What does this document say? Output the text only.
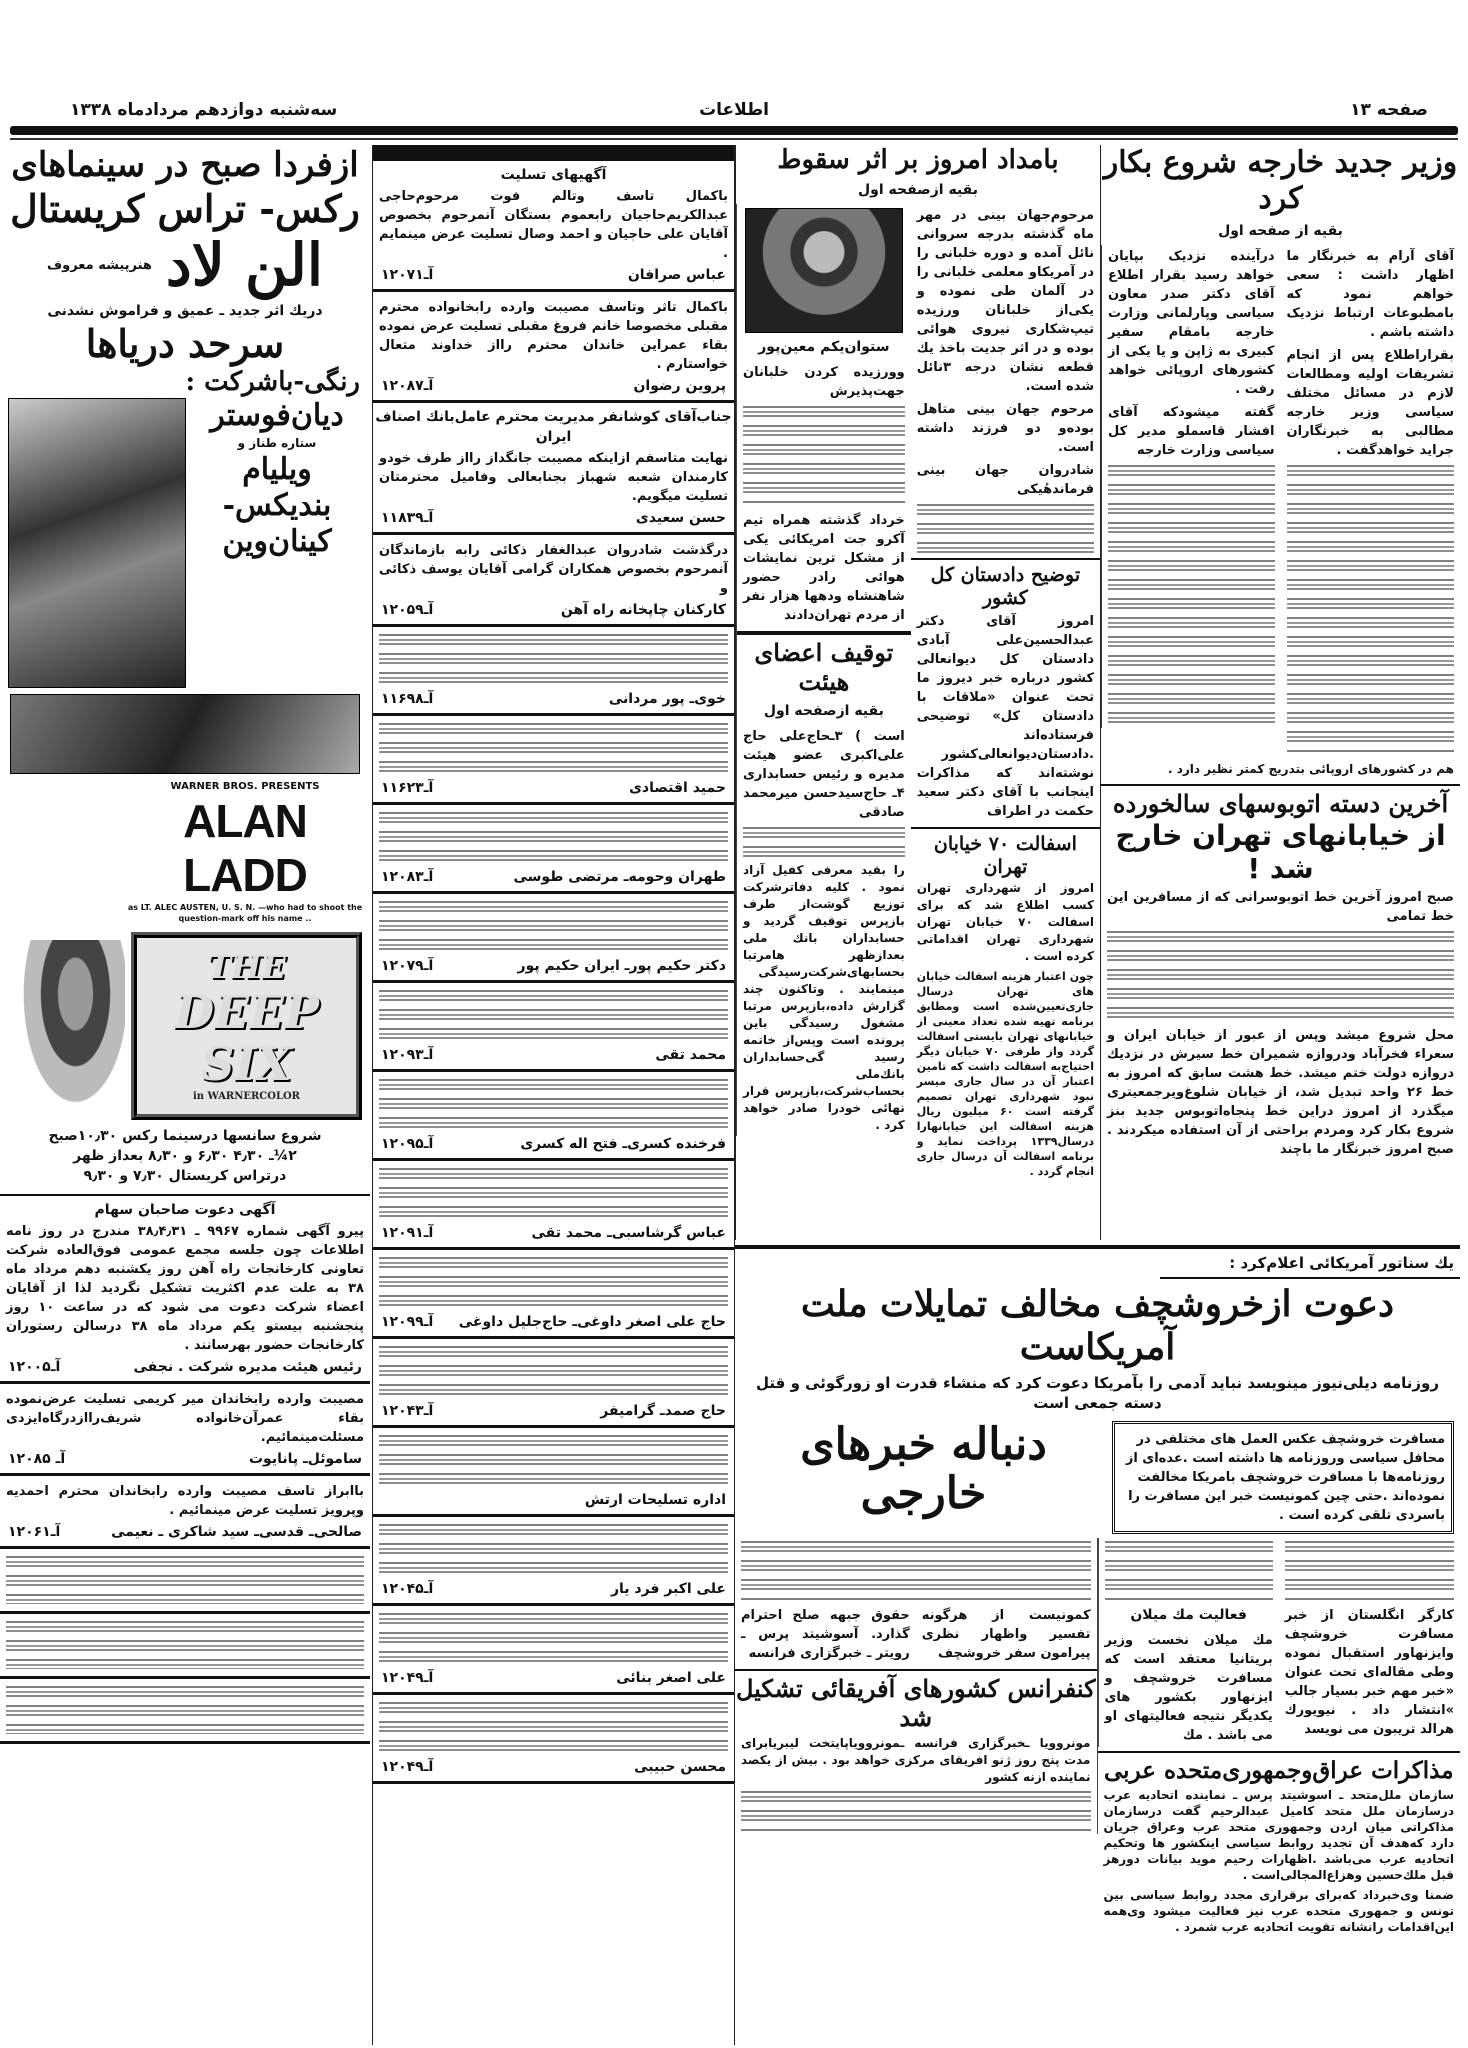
صفحه ۱۳
اطلاعات
سه‌شنبه دوازدهم مردادماه ۱۳۳۸
وزیر جدید خارجه شروع بکار کرد
بقیه از صفحه اول
آقای آرام به خبرنگار ما اظهار داشت : سعی خواهم نمود که بامطبوعات ارتباط نزدیک داشته باشم .
بقراراطلاع پس از انجام تشریفات اولیه ومطالعات لازم در مسائل مختلف سیاسی وزیر خارجه مطالبی به خبرنگاران جراید خواهدگفت .
درآینده نزدیک بپایان خواهد رسید بقرار اطلاع آقای دکتر صدر معاون سیاسی وپارلمانی وزارت خارجه بامقام سفیر کبیری به ژاپن و یا یکی از کشورهای اروپائی خواهد رفت .
گفته میشودکه آقای افشار قاسملو مدیر کل سیاسی وزارت خارجه
هم در کشورهای اروپائی بتدریج کمتر نظیر دارد .
آخرین دسته اتوبوسهای سالخورده
از خیابانهای تهران خارج شد !
صبح امروز آخرین خط اتوبوسرانی که از مسافرین این خط تمامی
محل شروع میشد وپس از عبور از خیابان ایران و سعراء فخرآباد ودروازه شمیران خط سیرش در نزدیك دروازه دولت ختم میشد. خط هشت سابق که امروز به خط ۲۶ واحد تبدیل شد، از خیابان شلوغ‌ویرجمعیتری میگذرد از امروز دراین خط پنجاه‌اتوبوس جدید بنز شروع بکار کرد ومردم براحتی از آن استفاده میکردند . صبح امروز خبرنگار ما باچند
بامداد امروز بر اثر سقوط
بقیه ازصفحه اول
مرحوم‌جهان بینی در مهر ماه گذشته بدرجه سروانی نائل آمده و دوره خلبانی را در آمریکاو معلمی خلبانی را در آلمان طی نموده و یکی‌از خلبانان ورزیده تیپ‌شکاری نیروی هوائی بوده و در اثر جدیت باخذ یك قطعه نشان درجه ۳نائل شده است.
مرحوم جهان بینی متاهل بوده‌و دو فرزند داشته است.
شادروان جهان بینی فرماندهٔیکی
توضیح دادستان کل کشور
امروز آقای دکتر عبدالحسین‌علی آبادی دادستان کل دیوانعالی کشور درباره خبر دیروز ما تحت عنوان «ملاقات با دادستان کل» توضیحی فرستاده‌اند .دادستان‌دیوانعالی‌کشور نوشته‌اند که مذاکرات اینجانب با آقای دکتر سعید حکمت در اطراف
اسفالت ۷۰ خیابان تهران
امروز از شهرداری تهران کسب اطلاع شد که برای اسفالت ۷۰ خیابان تهران شهرداری تهران اقداماتی کرده است .
چون اعتبار هزینه اسفالت خیابان های تهران درسال جاری‌تعیین‌شده است ومطابق برنامه تهیه شده تعداد معینی از خیابانهای تهران بایستی اسفالت گردد واز طرفی ۷۰ خیابان دیگر احتیاج‌به اسفالت داشت که تامین اعتبار آن در سال جاری میسر نبود شهرداری تهران تصمیم گرفته است ۶۰ میلیون ریال هزینه اسفالت این خیابانهارا درسال۱۳۳۹ پرداخت نماید و برنامه اسفالت آن درسال جاری انجام گردد .
ستوان‌یکم معین‌پور
وورزیده کردن خلبانان جهت‌پذیرش
خرداد گذشته همراه تیم آکرو جت امریکائی یکی از مشکل ترین نمایشات هوائی رادر حضور شاهنشاه ودهها هزار نفر از مردم تهران‌دادند
توقیف اعضای هیئت
بقیه ازصفحه اول
است ) ۳ـحاج‌علی حاج علی‌اکبری عضو هیئت مدیره و رئیس حسابداری ۴ـ حاج‌سیدحسن میرمحمد صادقی
را بقید معرفی کفیل آزاد نمود . کلیه دفاترشرکت توزیع گوشت‌از طرف بازپرس توقیف گردید و حسابداران بانك ملی بعدازظهر هامرتبا بحسابهای‌شرکت‌رسیدگی مینمایند . وتاکنون چند گزارش داده،بازپرس مرتبا مشغول رسیدگی باین پرونده است وپس‌از خاتمه رسید گی‌حسابداران بانك‌ملی بحساب‌شرکت،بازپرس قرار نهائی خودرا صادر خواهد کرد .
یك سناتور آمریکائی اعلام‌کرد :
دعوت ازخروشچف مخالف تمایلات ملت آمریکاست
روزنامه دیلی‌نیوز مینویسد نباید آدمی را بآمریکا دعوت کرد که منشاء قدرت او زورگوئی و قتل دسته جمعی است
مسافرت خروشچف عکس العمل های مختلفی در محافل سیاسی وروزنامه ها داشته است .عده‌ای از روزنامه‌ها با مسافرت خروشچف بامریکا مخالفت نموده‌اند .حتی چین کمونیست خبر این مسافرت را باسردی تلقی کرده است .
دنباله خبرهای خارجی
کارگر انگلستان از خبر مسافرت خروشچف وایزنهاور استقبال نموده وطی مقاله‌ای تحت عنوان «خبر مهم خبر بسیار جالب »انتشار داد . نیویورك هرالد تریبون می نویسد
فعالیت مك میلان
مك میلان نخست وزیر بریتانیا معتقد است که مسافرت خروشچف و ایزنهاور بکشور های یکدیگر نتیجه فعالیتهای او می باشد . مك
مذاکرات عراق‌وجمهوری‌متحده عربی
سازمان ملل‌متحد ـ اسوشیتد پرس ـ نماینده اتحادیه عرب درسازمان ملل متحد کامیل عبدالرحیم گفت درسازمان مذاکراتی میان اردن وجمهوری متحد عرب وعراق جریان دارد که‌هدف آن تجدید روابط سیاسی اینکشور ها وتحکیم اتحادیه عرب می‌باشد .اظهارات رحیم موید بیانات دورهز قبل ملك‌حسین وهزاع‌المجالی‌است .
ضمنا وی‌خبرداد که‌برای برقراری مجدد روابط سیاسی بین تونس و جمهوری متحده عرب نیز فعالیت میشود وی‌همه این‌اقدامات رانشانه تقویت اتحادیه عرب شمرد .
کمونیست از هرگونه تفسیر واظهار نظری پیرامون سفر خروشچف
حقوق جبهه صلح احترام گذارد. آسوشیتد پرس ـ رویتر ـ خبرگزاری فرانسه
کنفرانس کشورهای آفریقائی تشکیل شد
مونروویا ـخبرگزاری فرانسه ـمونروویاپایتخت لیبریابرای مدت پنج روز ژنو افریقای مرکزی خواهد بود . بیش از یکصد نماینده ازنه کشور
آگهیهای تسلیت
باکمال تاسف وتالم فوت مرحوم‌حاجی عبدالکریم‌حاجیان رابعموم بستگان آنمرحوم بخصوص آقایان علی حاجیان و احمد وصال تسلیت عرض مینمایم .
عباس صرافان
آـ۱۲۰۷۱
باکمال تاثر وتاسف مصیبت وارده رابخانواده محترم مقبلی مخصوصا خانم فروغ مقبلی تسلیت عرض نموده بقاء عمراین خاندان محترم رااز خداوند متعال خواستارم .
پروین رضوان
آـ۱۲۰۸۷
جناب‌آقای کوشانفر مدیریت محترم عامل‌بانك اصناف ایران
نهایت متاسفم ازاینکه مصیبت جانگداز رااز طرف خودو کارمندان شعبه شهباز بجنابعالی وفامیل محترمتان تسلیت میگویم.
حسن سعیدی
آـ۱۱۸۳۹
درگذشت شادروان عبدالغفار ذکائی رابه بازماندگان آنمرحوم بخصوص همکاران گرامی آقایان یوسف ذکائی و
کارکنان چاپخانه راه آهن
آـ۱۲۰۵۹
خوی‌ـ پور مردانی
آـ۱۱۶۹۸
حمید اقتصادی
آـ۱۱۶۲۳
طهران وحومه‌ـ مرتضی طوسی
آـ۱۲۰۸۳
دکتر حکیم پورـ ایران حکیم پور
آـ۱۲۰۷۹
محمد تقی
آـ۱۲۰۹۳
فرخنده کسری‌ـ فتح اله کسری
آـ۱۲۰۹۵
عباس گرشاسبی‌ـ محمد تقی
آـ۱۲۰۹۱
حاج علی اصغر داوغی‌ـ حاج‌جلیل داوغی
آـ۱۲۰۹۹
حاج صمد‌ـ گرامیفر
آـ۱۲۰۴۳
اداره تسلیحات ارتش
علی اکبر فرد یار
آـ۱۲۰۴۵
علی اصغر بنائی
آـ۱۲۰۴۹
محسن حبیبی
آـ۱۲۰۴۹
ازفردا صبح در سینماهای
رکس- تراس کریستال
الن لاد
هنرپیشه معروف
دریك اثر جدید ـ عمیق و فراموش نشدنی
سرحد دریاها
رنگی-باشرکت :
دیان‌فوستر
ستاره طناز و
ویلیام
بندیکس-
کینان‌وین
WARNER BROS. PRESENTS
ALAN LADD
as LT. ALEC AUSTEN, U. S. N. —who had to shoot the question-mark off his name ..
THE
DEEP
SIX
in WARNERCOLOR
شروع سانسها درسینما رکس ۱۰٫۳۰صبح
۲¼ـ ۴٫۳۰ ۶٫۳۰ و ۸٫۳۰ بعداز ظهر
درتراس کریستال ۷٫۳۰ و ۹٫۳۰
آگهی دعوت صاحبان سهام
پیرو آگهی شماره ۹۹۶۷ ـ ۳۸٫۴٫۳۱ مندرج در روز نامه اطلاعات چون جلسه مجمع عمومی فوق‌العاده شرکت تعاونی کارخانجات راه آهن روز یکشنبه دهم مرداد ماه ۳۸ به علت عدم اکثریت تشکیل نگردید لذا از آقایان اعضاء شرکت دعوت می شود که در ساعت ۱۰ روز پنجشنبه بیستو یکم مرداد ماه ۳۸ درسالن رستوران کارخانجات حضور بهرسانند .
رئیس هیئت مدیره شرکت . نجفی
آـ۱۲۰۰۵
مصیبت وارده رابخاندان میر کریمی تسلیت عرض‌نموده بقاء عمرآن‌خانواده شریف‌رااز‌درگاه‌ایزدی مسئلت‌مینمائیم.
ساموئل‌ـ پانایوت
آـ ۱۲۰۸۵
باابراز تاسف مصیبت وارده رابخاندان محترم احمدیه وپرویز تسلیت عرض مینمائیم .
صالحی‌ـ قدسی‌ـ سید شاکری ـ نعیمی
آـ۱۲۰۶۱
